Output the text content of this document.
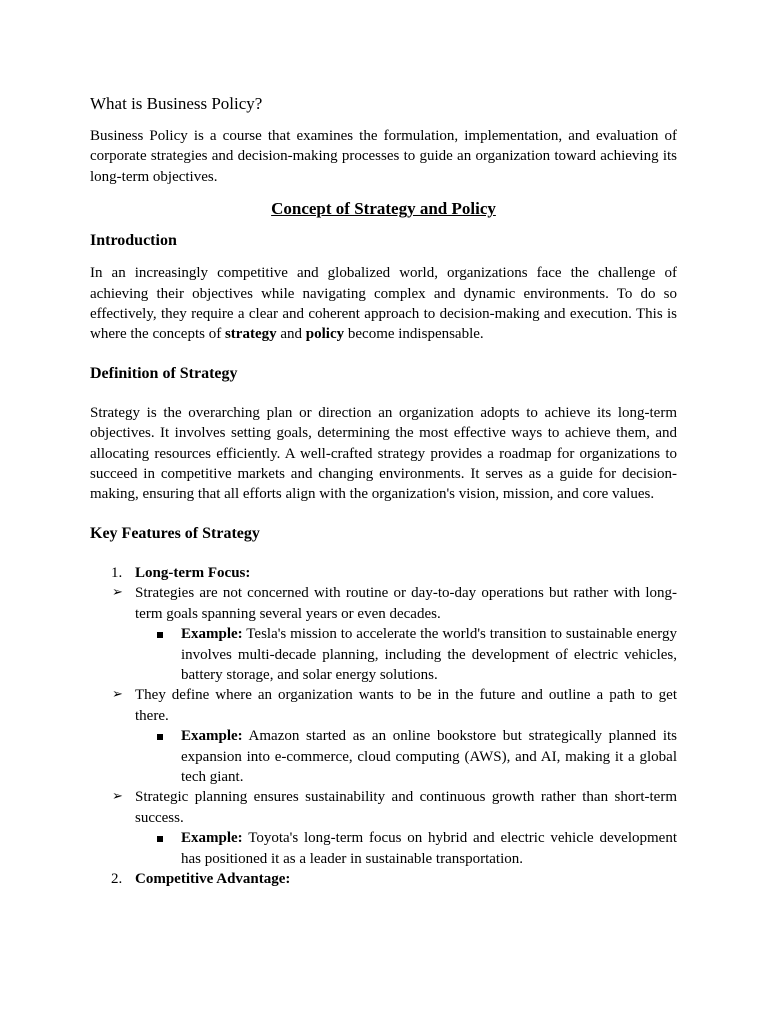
What is Business Policy?

Business Policy is a course that examines the formulation, implementation, and evaluation of corporate strategies and decision-making processes to guide an organization toward achieving its long-term objectives.

Concept of Strategy and Policy
Introduction

In an increasingly competitive and globalized world, organizations face the challenge of achieving their objectives while navigating complex and dynamic environments. To do so effectively, they require a clear and coherent approach to decision-making and execution. This is where the concepts of strategy and policy become indispensable.

Definition of Strategy

Strategy is the overarching plan or direction an organization adopts to achieve its long-term objectives. It involves setting goals, determining the most effective ways to achieve them, and allocating resources efficiently. A well-crafted strategy provides a roadmap for organizations to succeed in competitive markets and changing environments. It serves as a guide for decision-making, ensuring that all efforts align with the organization's vision, mission, and core values.

Key Features of Strategy
1. Long-term Focus:
➢ Strategies are not concerned with routine or day-to-day operations but rather with long-term goals spanning several years or even decades.
Example: Tesla's mission to accelerate the world's transition to sustainable energy involves multi-decade planning, including the development of electric vehicles, battery storage, and solar energy solutions.
➢ They define where an organization wants to be in the future and outline a path to get there.
Example: Amazon started as an online bookstore but strategically planned its expansion into e-commerce, cloud computing (AWS), and AI, making it a global tech giant.
➢ Strategic planning ensures sustainability and continuous growth rather than short-term success.
Example: Toyota's long-term focus on hybrid and electric vehicle development has positioned it as a leader in sustainable transportation.
2. Competitive Advantage:
